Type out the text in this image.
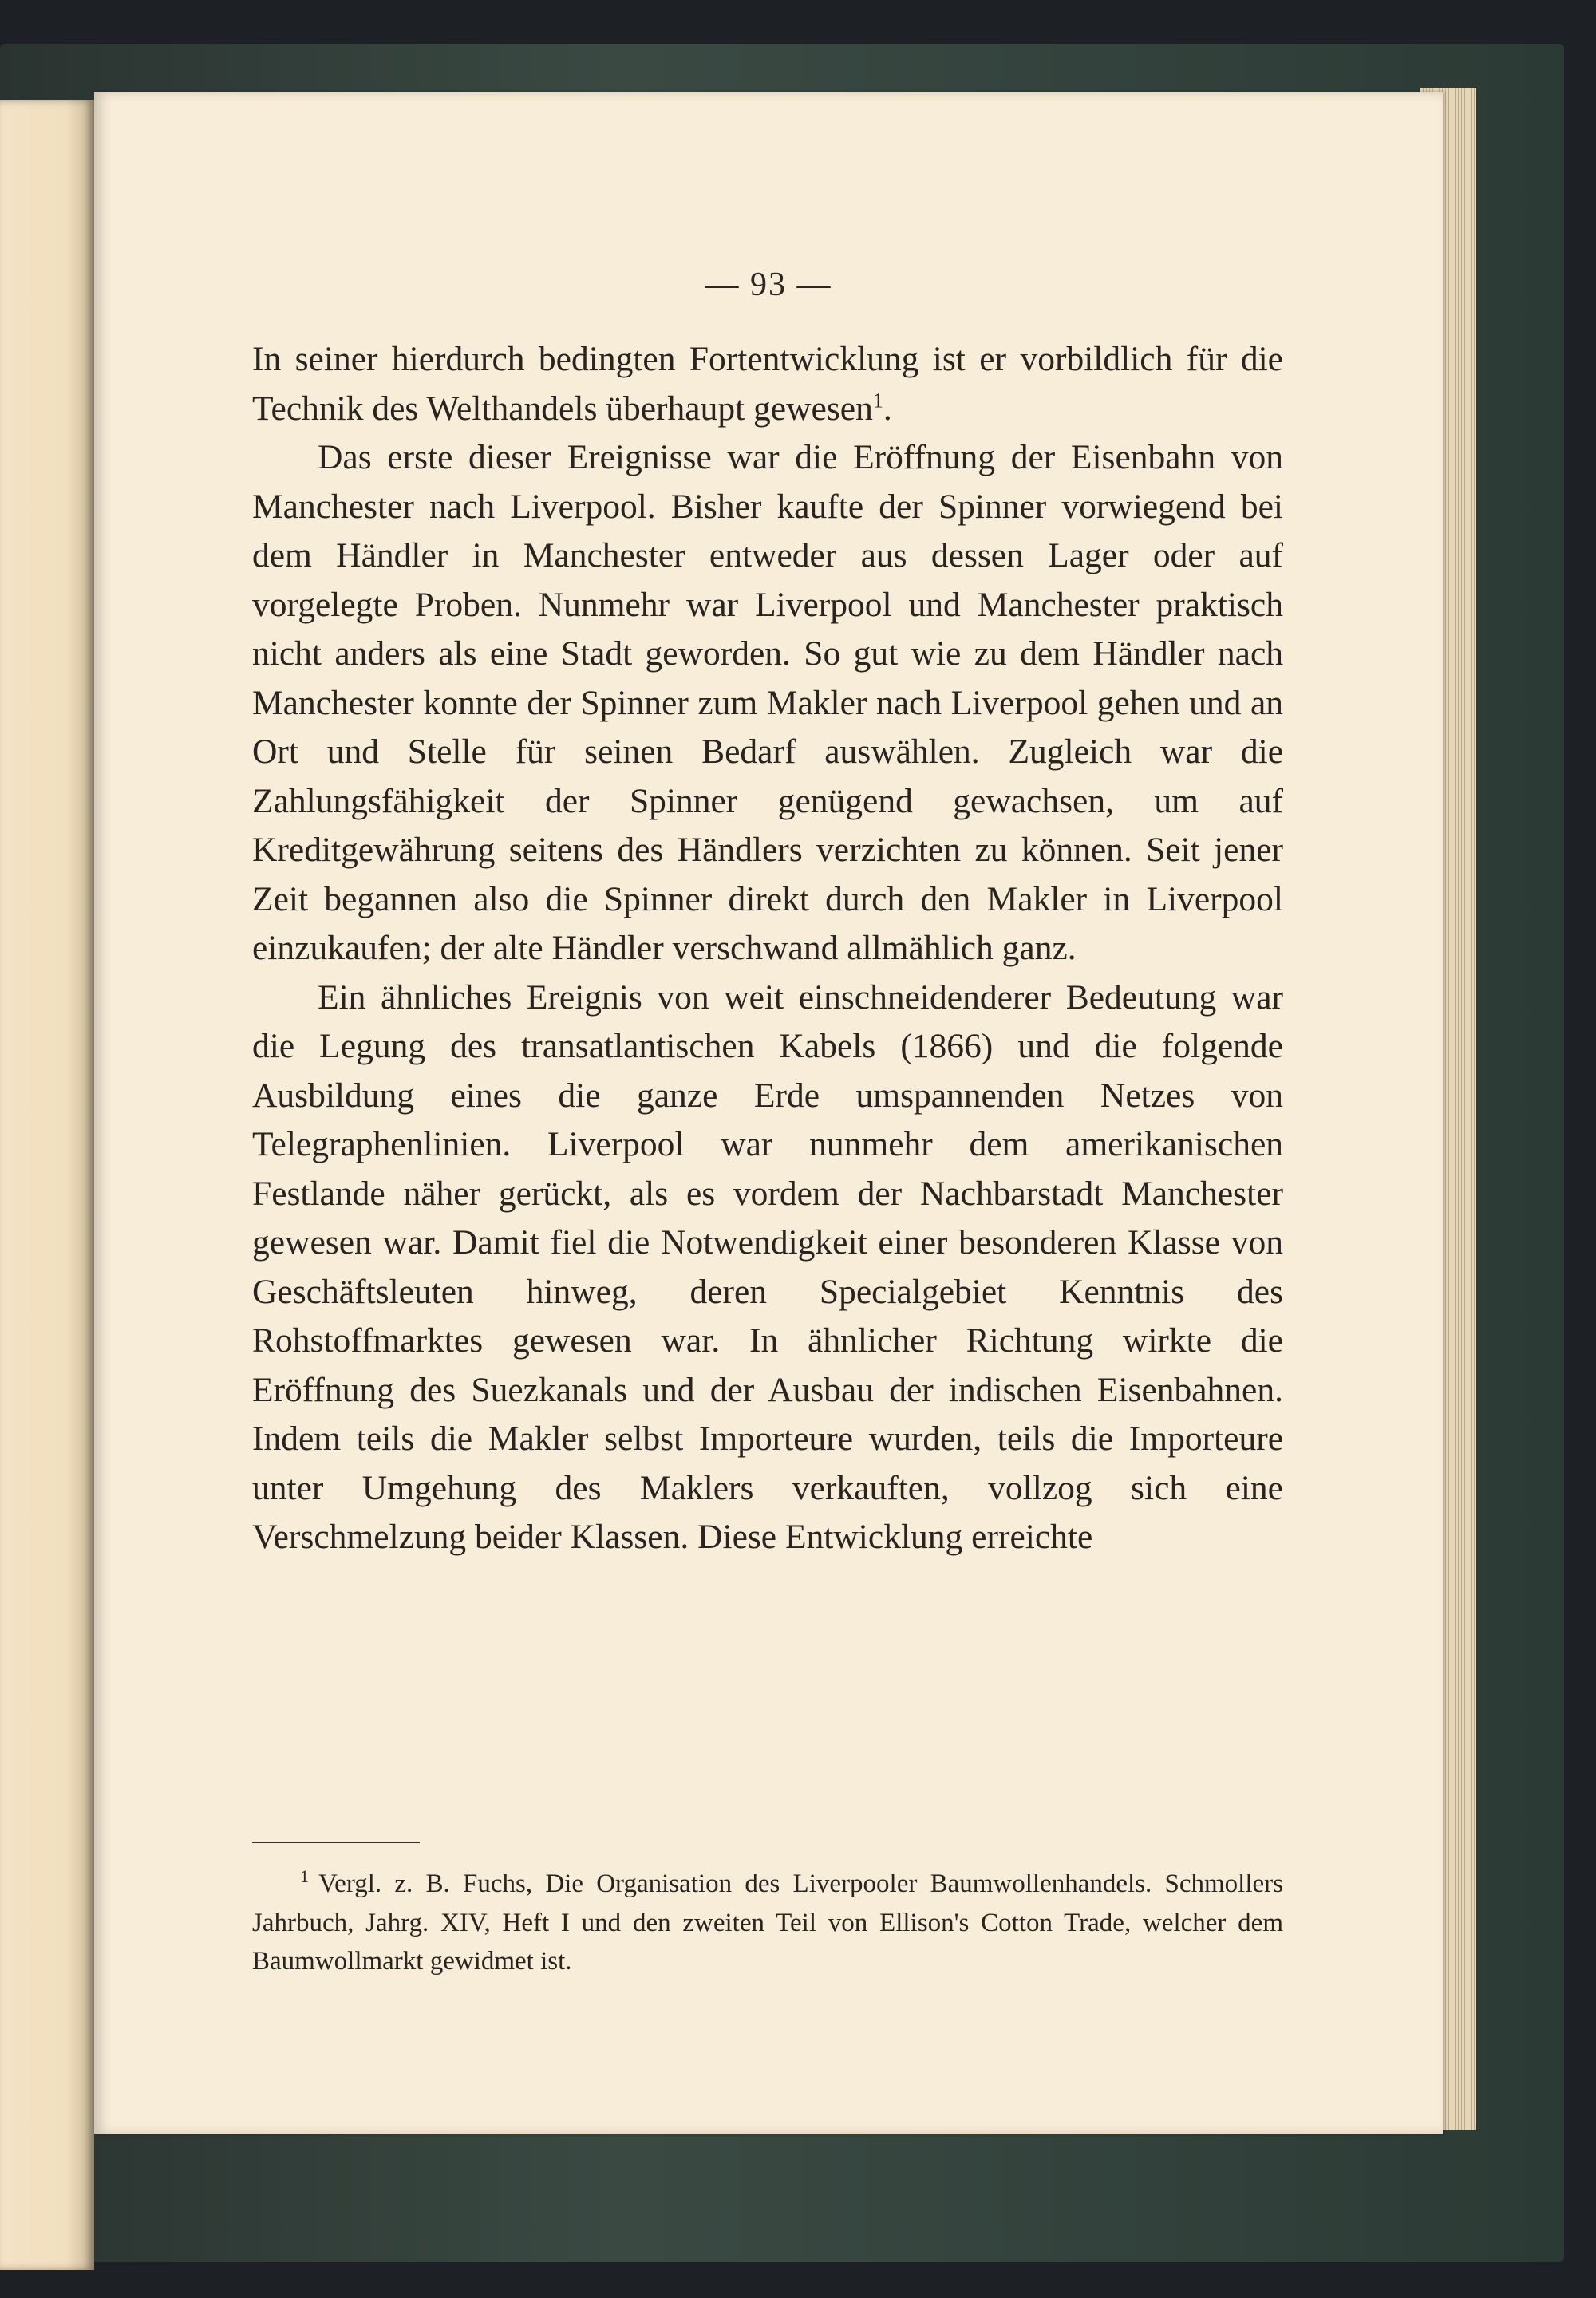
— 93 —

In seiner hierdurch bedingten Fortentwicklung ist er vorbildlich für die Technik des Welthandels überhaupt gewesen$^1$.

Das erste dieser Ereignisse war die Eröffnung der Eisenbahn von Manchester nach Liverpool. Bisher kaufte der Spinner vorwiegend bei dem Händler in Manchester entweder aus dessen Lager oder auf vorgelegte Proben. Nunmehr war Liverpool und Manchester praktisch nicht anders als eine Stadt geworden. So gut wie zu dem Händler nach Manchester konnte der Spinner zum Makler nach Liverpool gehen und an Ort und Stelle für seinen Bedarf auswählen. Zugleich war die Zahlungsfähigkeit der Spinner genügend gewachsen, um auf Kreditgewährung seitens des Händlers verzichten zu können. Seit jener Zeit begannen also die Spinner direkt durch den Makler in Liverpool einzukaufen; der alte Händler verschwand allmählich ganz.

Ein ähnliches Ereignis von weit einschneidenderer Bedeutung war die Legung des transatlantischen Kabels (1866) und die folgende Ausbildung eines die ganze Erde umspannenden Netzes von Telegraphenlinien. Liverpool war nunmehr dem amerikanischen Festlande näher gerückt, als es vordem der Nachbarstadt Manchester gewesen war. Damit fiel die Notwendigkeit einer besonderen Klasse von Geschäftsleuten hinweg, deren Specialgebiet Kenntnis des Rohstoffmarktes gewesen war. In ähnlicher Richtung wirkte die Eröffnung des Suezkanals und der Ausbau der indischen Eisenbahnen. Indem teils die Makler selbst Importeure wurden, teils die Importeure unter Umgehung des Maklers verkauften, vollzog sich eine Verschmelzung beider Klassen. Diese Entwicklung erreichte

$^1$ Vergl. z. B. Fuchs, Die Organisation des Liverpooler Baumwollenhandels. Schmollers Jahrbuch, Jahrg. XIV, Heft I und den zweiten Teil von Ellison's Cotton Trade, welcher dem Baumwollmarkt gewidmet ist.
